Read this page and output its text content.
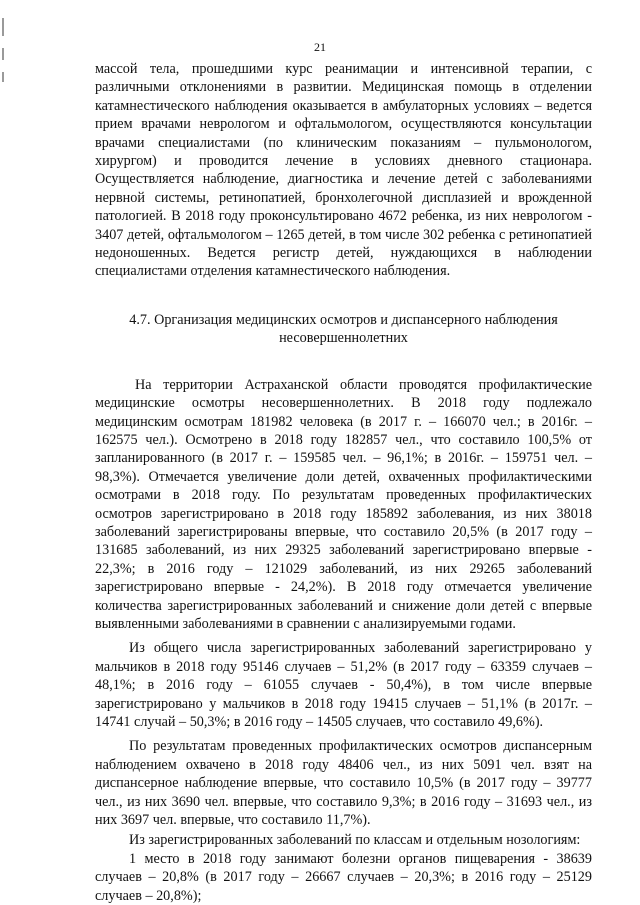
21

массой тела, прошедшими курс реанимации и интенсивной терапии, с различными отклонениями в развитии. Медицинская помощь в отделении катамнестического наблюдения оказывается в амбулаторных условиях – ведется прием врачами неврологом и офтальмологом, осуществляются консультации врачами специалистами (по клиническим показаниям – пульмонологом, хирургом) и проводится лечение в условиях дневного стационара. Осуществляется наблюдение, диагностика и лечение детей с заболеваниями нервной системы, ретинопатией, бронхолегочной дисплазией и врожденной патологией. В 2018 году проконсультировано 4672 ребенка, из них неврологом - 3407 детей, офтальмологом – 1265 детей, в том числе 302 ребенка с ретинопатией недоношенных. Ведется регистр детей, нуждающихся в наблюдении специалистами отделения катамнестического наблюдения.

4.7. Организация медицинских осмотров и диспансерного наблюдения несовершеннолетних

На территории Астраханской области проводятся профилактические медицинские осмотры несовершеннолетних. В 2018 году подлежало медицинским осмотрам 181982 человека (в 2017 г. – 166070 чел.; в 2016г. – 162575 чел.). Осмотрено в 2018 году 182857 чел., что составило 100,5% от запланированного (в 2017 г. – 159585 чел. – 96,1%; в 2016г. – 159751 чел. – 98,3%). Отмечается увеличение доли детей, охваченных профилактическими осмотрами в 2018 году. По результатам проведенных профилактических осмотров зарегистрировано в 2018 году 185892 заболевания, из них 38018 заболеваний зарегистрированы впервые, что составило 20,5% (в 2017 году – 131685 заболеваний, из них 29325 заболеваний зарегистрировано впервые - 22,3%; в 2016 году – 121029 заболеваний, из них 29265 заболеваний зарегистрировано впервые - 24,2%). В 2018 году отмечается увеличение количества зарегистрированных заболеваний и снижение доли детей с впервые выявленными заболеваниями в сравнении с анализируемыми годами.

Из общего числа зарегистрированных заболеваний зарегистрировано у мальчиков в 2018 году 95146 случаев – 51,2% (в 2017 году – 63359 случаев – 48,1%; в 2016 году – 61055 случаев - 50,4%), в том числе впервые зарегистрировано у мальчиков в 2018 году 19415 случаев – 51,1% (в 2017г. – 14741 случай – 50,3%; в 2016 году – 14505 случаев, что составило 49,6%).

По результатам проведенных профилактических осмотров диспансерным наблюдением охвачено в 2018 году 48406 чел., из них 5091 чел. взят на диспансерное наблюдение впервые, что составило 10,5% (в 2017 году – 39777 чел., из них 3690 чел. впервые, что составило 9,3%; в 2016 году – 31693 чел., из них 3697 чел. впервые, что составило 11,7%).

Из зарегистрированных заболеваний по классам и отдельным нозологиям:

1 место в 2018 году занимают болезни органов пищеварения - 38639 случаев – 20,8% (в 2017 году – 26667 случаев – 20,3%; в 2016 году – 25129 случаев – 20,8%);
